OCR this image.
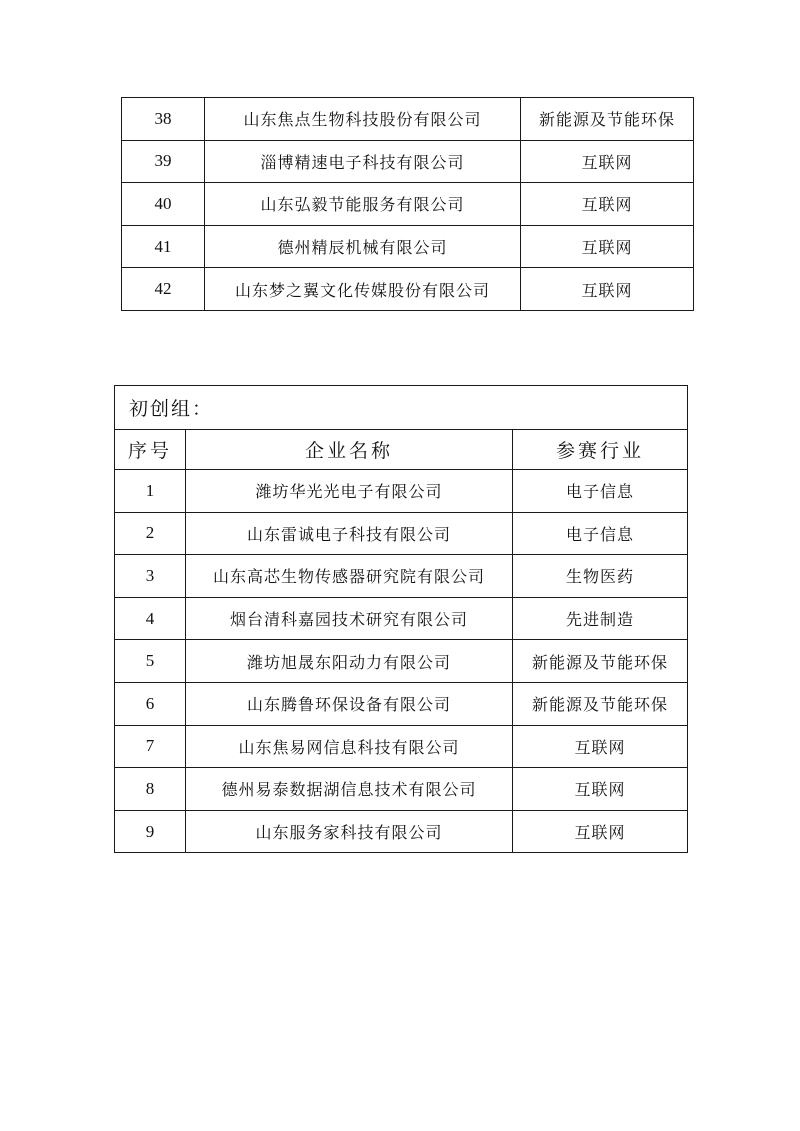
38	山东焦点生物科技股份有限公司	新能源及节能环保
39	淄博精速电子科技有限公司	互联网
40	山东弘毅节能服务有限公司	互联网
41	德州精辰机械有限公司	互联网
42	山东梦之翼文化传媒股份有限公司	互联网
初创组：		
序号	企业名称	参赛行业
1	潍坊华光光电子有限公司	电子信息
2	山东雷诚电子科技有限公司	电子信息
3	山东高芯生物传感器研究院有限公司	生物医药
4	烟台清科嘉园技术研究有限公司	先进制造
5	潍坊旭晟东阳动力有限公司	新能源及节能环保
6	山东腾鲁环保设备有限公司	新能源及节能环保
7	山东焦易网信息科技有限公司	互联网
8	德州易泰数据湖信息技术有限公司	互联网
9	山东服务家科技有限公司	互联网
